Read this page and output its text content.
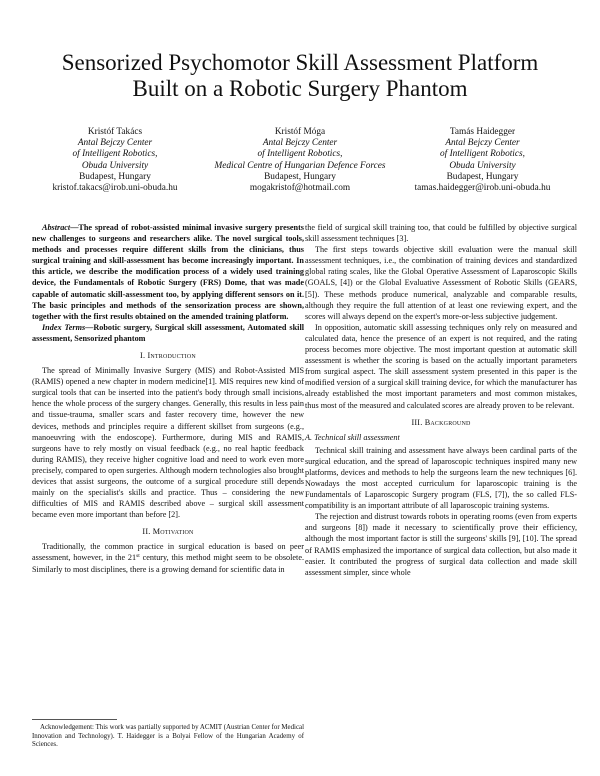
Sensorized Psychomotor Skill Assessment Platform
Built on a Robotic Surgery Phantom
Kristóf Takács
Antal Bejczy Center
of Intelligent Robotics,
Obuda University
Budapest, Hungary
kristof.takacs@irob.uni-obuda.hu
Kristóf Móga
Antal Bejczy Center
of Intelligent Robotics,
Medical Centre of Hungarian Defence Forces
Budapest, Hungary
mogakristof@hotmail.com
Tamás Haidegger
Antal Bejczy Center
of Intelligent Robotics,
Obuda University
Budapest, Hungary
tamas.haidegger@irob.uni-obuda.hu

Abstract—The spread of robot-assisted minimal invasive surgery presents new challenges to surgeons and researchers alike. The novel surgical tools, methods and processes require different skills from the clinicians, thus surgical training and skill-assessment has become increasingly important. In this article, we describe the modification process of a widely used training device, the Fundamentals of Robotic Surgery (FRS) Dome, that was made capable of automatic skill-assessment too, by applying different sensors on it. The basic principles and methods of the sensorization process are shown, together with the first results obtained on the amended training platform.

Index Terms—Robotic surgery, Surgical skill assessment, Automated skill assessment, Sensorized phantom

I. Introduction

The spread of Minimally Invasive Surgery (MIS) and Robot-Assisted MIS (RAMIS) opened a new chapter in modern medicine[1]. MIS requires new kind of surgical tools that can be inserted into the patient's body through small incisions, hence the whole process of the surgery changes. Generally, this results in less pain and tissue-trauma, smaller scars and faster recovery time, however the new devices, methods and principles require a different skillset from surgeons (e.g., manoeuvring with the endoscope). Furthermore, during MIS and RAMIS, surgeons have to rely mostly on visual feedback (e.g., no real haptic feedback during RAMIS), they receive higher cognitive load and need to work even more precisely, compared to open surgeries. Although modern technologies also brought devices that assist surgeons, the outcome of a surgical procedure still depends mainly on the specialist's skills and practice. Thus – considering the new difficulties of MIS and RAMIS described above – surgical skill assessment became even more important than before [2].

II. Motivation

Traditionally, the common practice in surgical education is based on peer assessment, however, in the 21st century, this method might seem to be obsolete. Similarly to most disciplines, there is a growing demand for scientific data in

Acknowledgement: This work was partially supported by ACMIT (Austrian Center for Medical Innovation and Technology). T. Haidegger is a Bolyai Fellow of the Hungarian Academy of Sciences.

the field of surgical skill training too, that could be fulfilled by objective surgical skill assessment techniques [3].

The first steps towards objective skill evaluation were the manual skill assessment techniques, i.e., the combination of training devices and standardized global rating scales, like the Global Operative Assessment of Laparoscopic Skills (GOALS, [4]) or the Global Evaluative Assessment of Robotic Skills (GEARS, [5]). These methods produce numerical, analyzable and comparable results, although they require the full attention of at least one reviewing expert, and the scores will always depend on the expert's more-or-less subjective judgement.

In opposition, automatic skill assessing techniques only rely on measured and calculated data, hence the presence of an expert is not required, and the rating process becomes more objective. The most important question at automatic skill assessment is whether the scoring is based on the actually important parameters from surgical aspect. The skill assessment system presented in this paper is the modified version of a surgical skill training device, for which the manufacturer has already established the most important parameters and most common mistakes, thus most of the measured and calculated scores are already proven to be relevant.

III. Background
A. Technical skill assessment

Technical skill training and assessment have always been cardinal parts of the surgical education, and the spread of laparoscopic techniques inspired many new platforms, devices and methods to help the surgeons learn the new techniques [6]. Nowadays the most accepted curriculum for laparoscopic training is the Fundamentals of Laparoscopic Surgery program (FLS, [7]), the so called FLS-compatibility is an important attribute of all laparoscopic training systems.

The rejection and distrust towards robots in operating rooms (even from experts and surgeons [8]) made it necessary to scientifically prove their efficiency, although the most important factor is still the surgeons' skills [9], [10]. The spread of RAMIS emphasized the importance of surgical data collection, but also made it easier. It contributed the progress of surgical data collection and made skill assessment simpler, since whole
